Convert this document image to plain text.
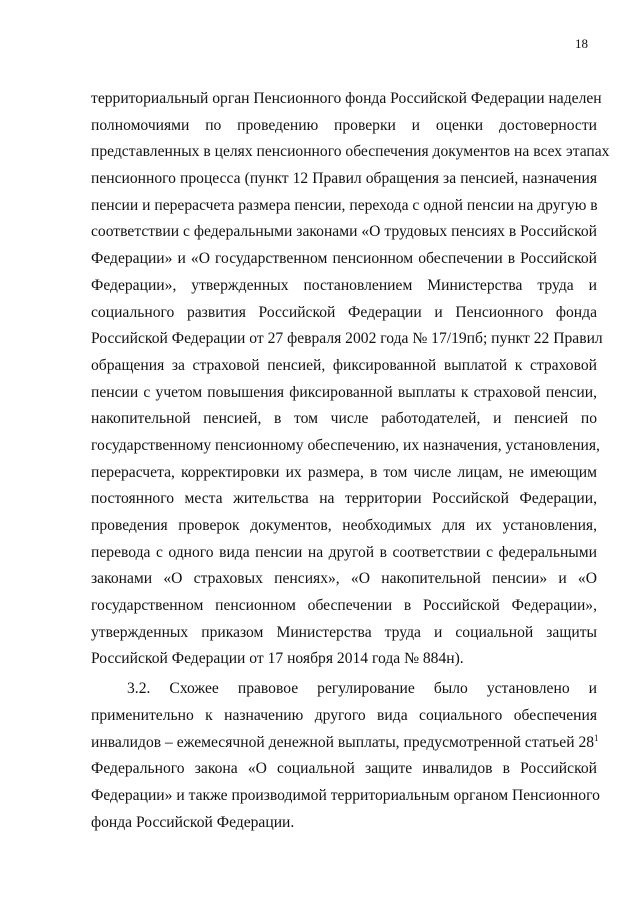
18
территориальный орган Пенсионного фонда Российской Федерации наделен
полномочиями по проведению проверки и оценки достоверности
представленных в целях пенсионного обеспечения документов на всех этапах
пенсионного процесса (пункт 12 Правил обращения за пенсией, назначения
пенсии и перерасчета размера пенсии, перехода с одной пенсии на другую в
соответствии с федеральными законами «О трудовых пенсиях в Российской
Федерации» и «О государственном пенсионном обеспечении в Российской
Федерации», утвержденных постановлением Министерства труда и
социального развития Российской Федерации и Пенсионного фонда
Российской Федерации от 27 февраля 2002 года № 17/19пб; пункт 22 Правил
обращения за страховой пенсией, фиксированной выплатой к страховой
пенсии с учетом повышения фиксированной выплаты к страховой пенсии,
накопительной пенсией, в том числе работодателей, и пенсией по
государственному пенсионному обеспечению, их назначения, установления,
перерасчета, корректировки их размера, в том числе лицам, не имеющим
постоянного места жительства на территории Российской Федерации,
проведения проверок документов, необходимых для их установления,
перевода с одного вида пенсии на другой в соответствии с федеральными
законами «О страховых пенсиях», «О накопительной пенсии» и «О
государственном пенсионном обеспечении в Российской Федерации»,
утвержденных приказом Министерства труда и социальной защиты
Российской Федерации от 17 ноября 2014 года № 884н).
3.2. Схожее правовое регулирование было установлено и
применительно к назначению другого вида социального обеспечения
инвалидов – ежемесячной денежной выплаты, предусмотренной статьей $28^1$
Федерального закона «О социальной защите инвалидов в Российской
Федерации» и также производимой территориальным органом Пенсионного
фонда Российской Федерации.
